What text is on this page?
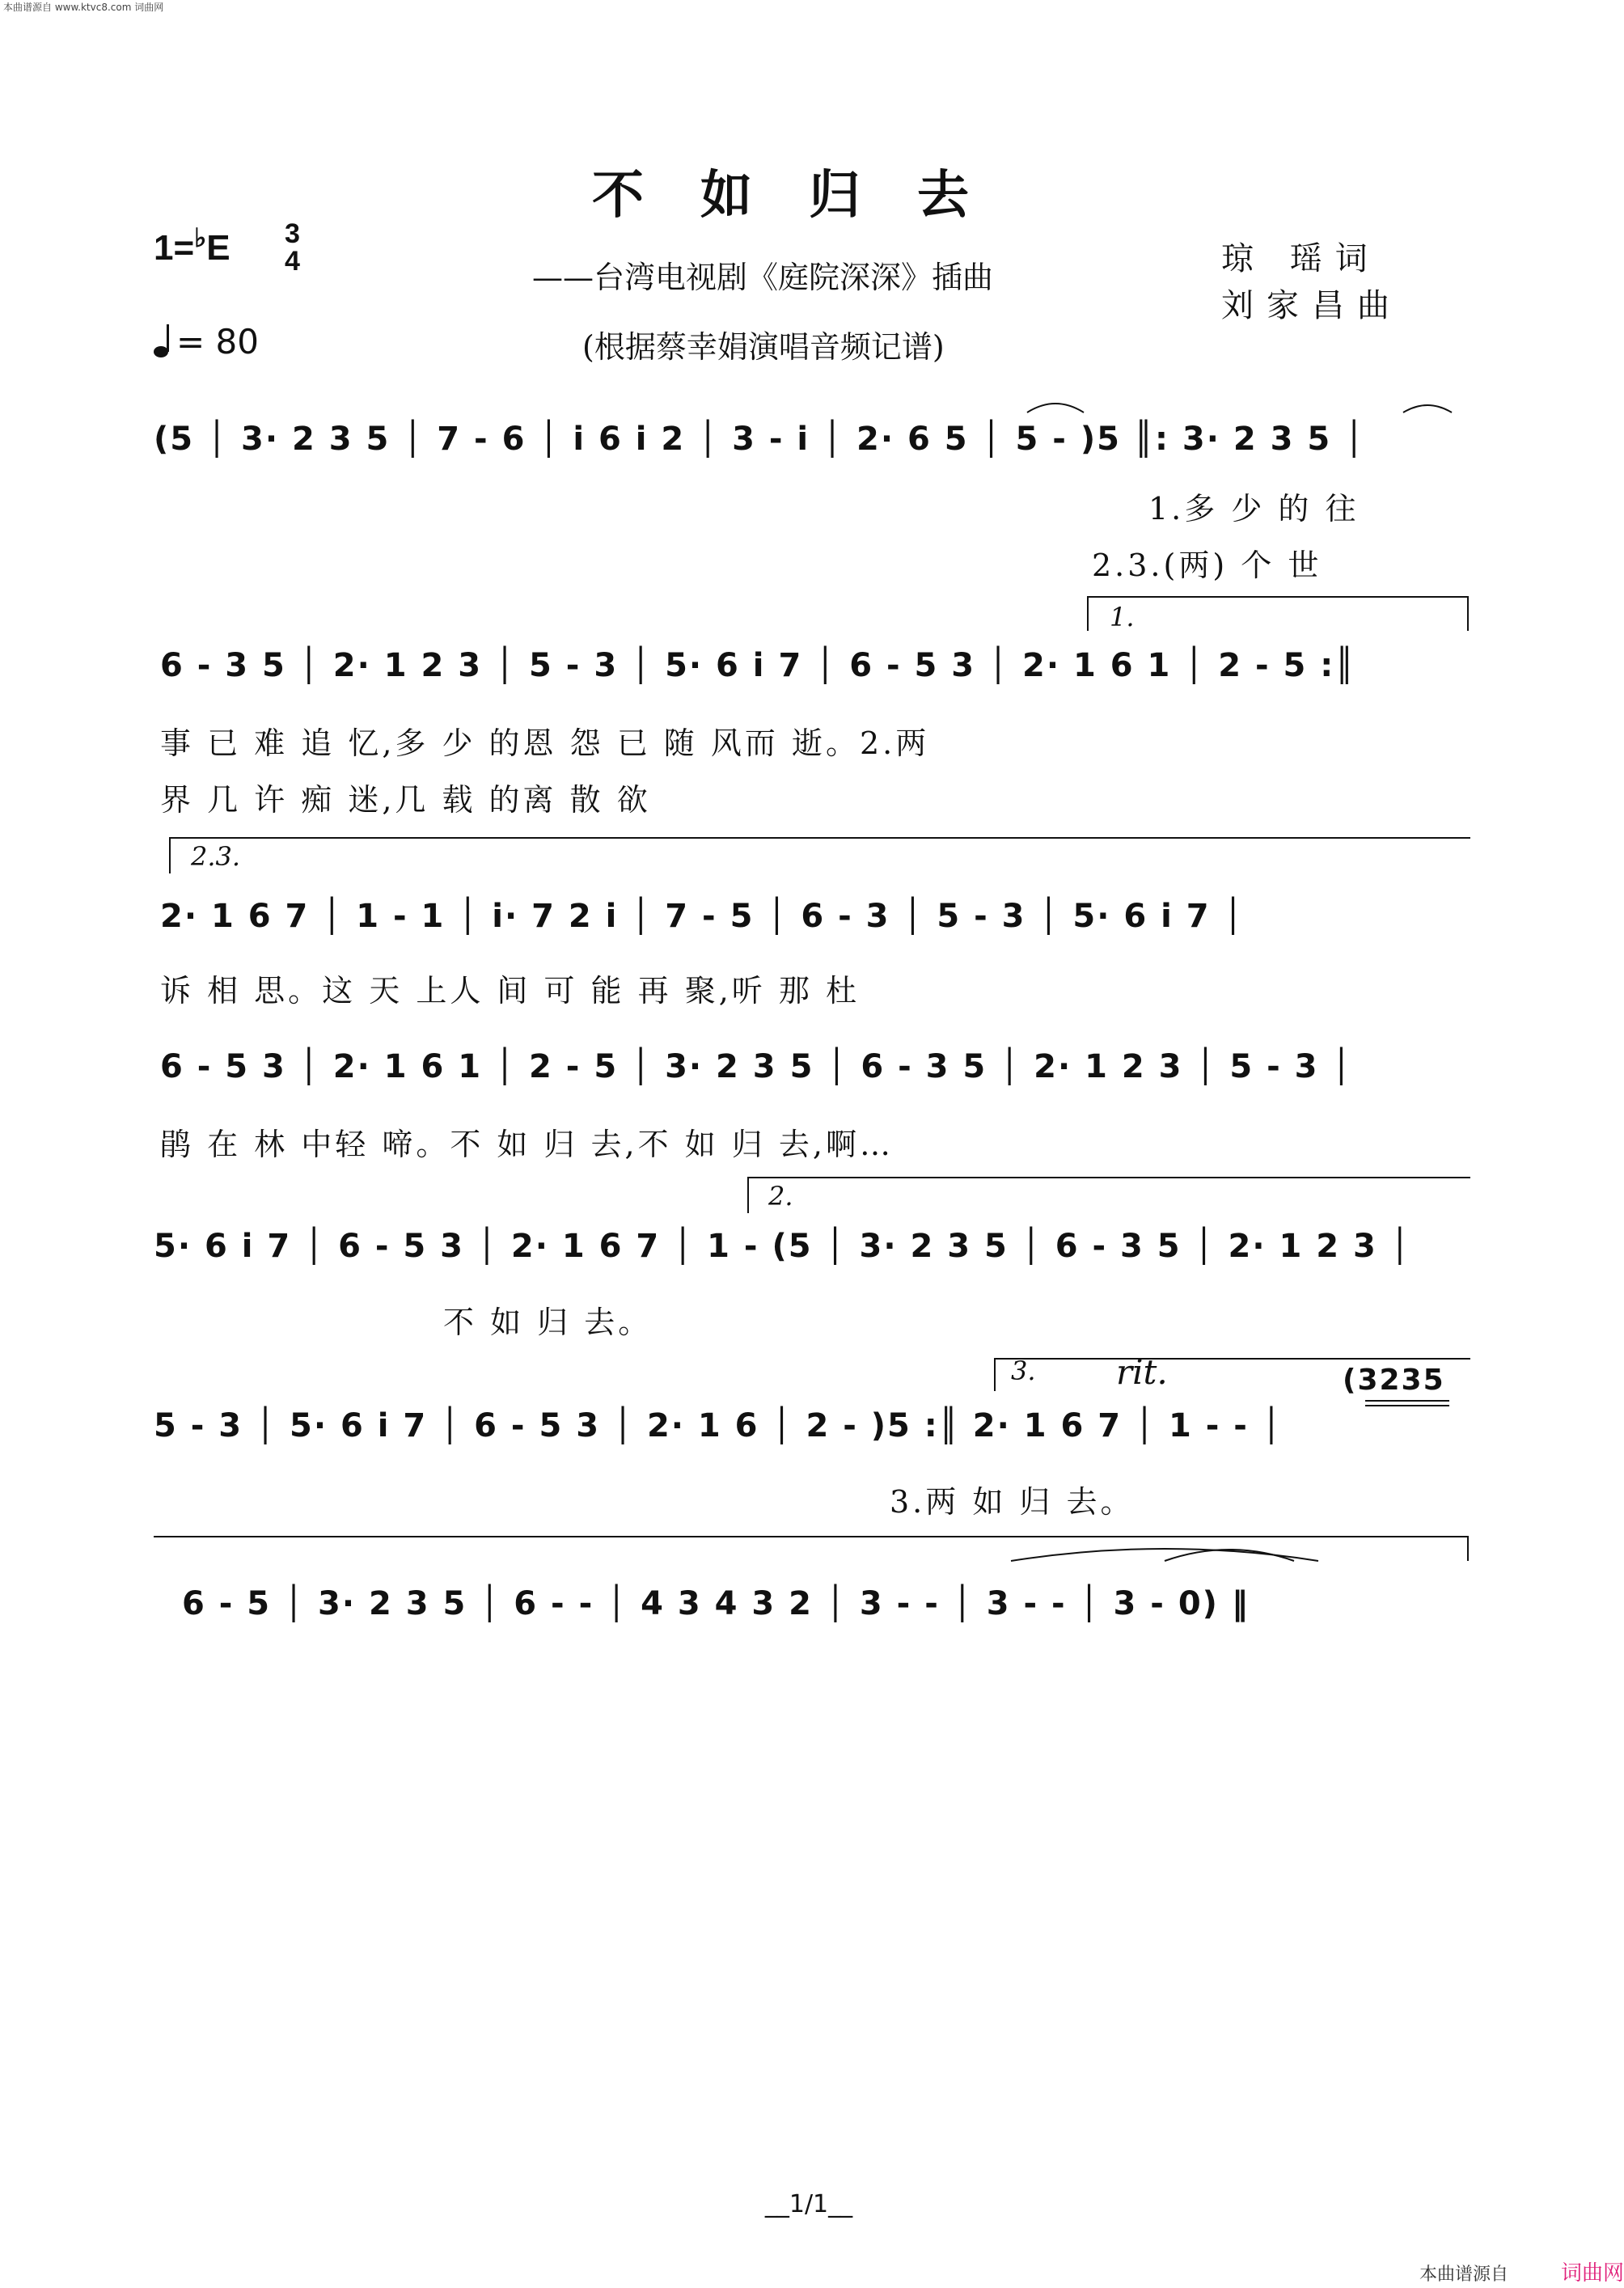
本曲谱源自 www.ktvc8.com 词曲网
不如归去
1=♭E 3
4
= 80
——台湾电视剧《庭院深深》插曲	琼 瑶词
刘家昌曲
(根据蔡幸娟演唱音频记谱)
(5 │ 3· 2 3 5 │ 7 - 6 │ i 6 i 2 │ 3 - i │ 2· 6 5 │ 5 - )5 ║: 3· 2 3 5 │
1.多 少 的 往
2.3.(两) 个 世
1.
6 - 3 5 │ 2· 1 2 3 │ 5 - 3 │ 5· 6 i 7 │ 6 - 5 3 │ 2· 1 6 1 │ 2 - 5 :║
事 已 难 追 忆,多 少 的恩 怨 已 随 风而 逝。2.两
界 几 许 痴 迷,几 载 的离 散 欲
2.3.
2· 1 6 7 │ 1 - 1 │ i· 7 2 i │ 7 - 5 │ 6 - 3 │ 5 - 3 │ 5· 6 i 7 │
诉 相 思。这 天 上人 间 可 能 再 聚,听 那 杜
6 - 5 3 │ 2· 1 6 1 │ 2 - 5 │ 3· 2 3 5 │ 6 - 3 5 │ 2· 1 2 3 │ 5 - 3 │
鹃 在 林 中轻 啼。不 如 归 去,不 如 归 去,啊…
2.
5· 6 i 7 │ 6 - 5 3 │ 2· 1 6 7 │ 1 - (5 │ 3· 2 3 5 │ 6 - 3 5 │ 2· 1 2 3 │
不 如 归 去。
3. rit.	(3235
5 - 3 │ 5· 6 i 7 │ 6 - 5 3 │ 2· 1 6 │ 2 - )5 :║ 2· 1 6 7 │ 1 - - │
3.两 如 归 去。
6 - 5 │ 3· 2 3 5 │ 6 - - │ 4 3 4 3 2 │ 3 - - │ 3 - - │ 3 - 0) ‖
__1/1__
本曲谱源自 词曲网
